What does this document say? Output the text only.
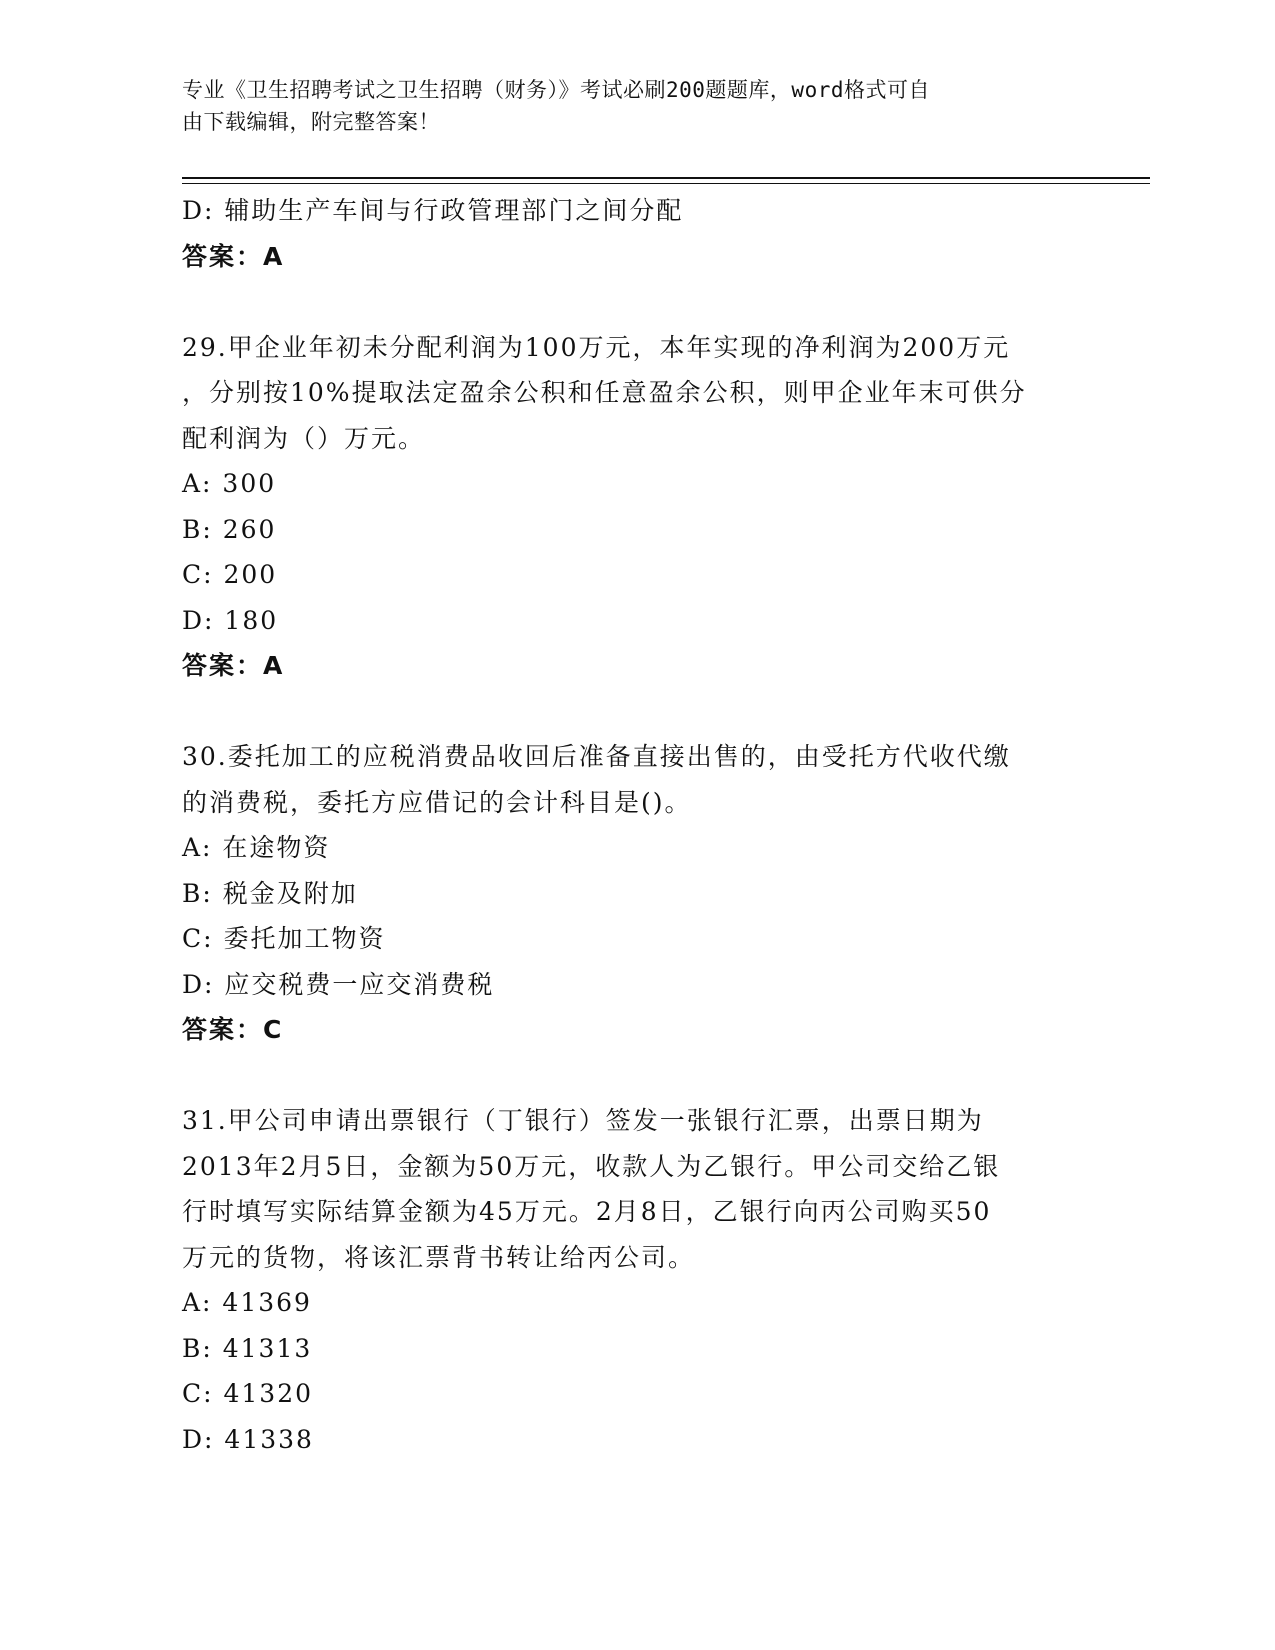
专业《卫生招聘考试之卫生招聘（财务）》考试必刷200题题库，word格式可自
由下载编辑，附完整答案！
D: 辅助生产车间与行政管理部门之间分配
答案：A
29.甲企业年初未分配利润为100万元，本年实现的净利润为200万元
，分别按10%提取法定盈余公积和任意盈余公积，则甲企业年末可供分
配利润为（）万元。
A: 300
B: 260
C: 200
D: 180
答案：A
30.委托加工的应税消费品收回后准备直接出售的，由受托方代收代缴
的消费税，委托方应借记的会计科目是()。
A: 在途物资
B: 税金及附加
C: 委托加工物资
D: 应交税费一应交消费税
答案：C
31.甲公司申请出票银行（丁银行）签发一张银行汇票，出票日期为
2013年2月5日，金额为50万元，收款人为乙银行。甲公司交给乙银
行时填写实际结算金额为45万元。2月8日，乙银行向丙公司购买50
万元的货物，将该汇票背书转让给丙公司。
A: 41369
B: 41313
C: 41320
D: 41338
